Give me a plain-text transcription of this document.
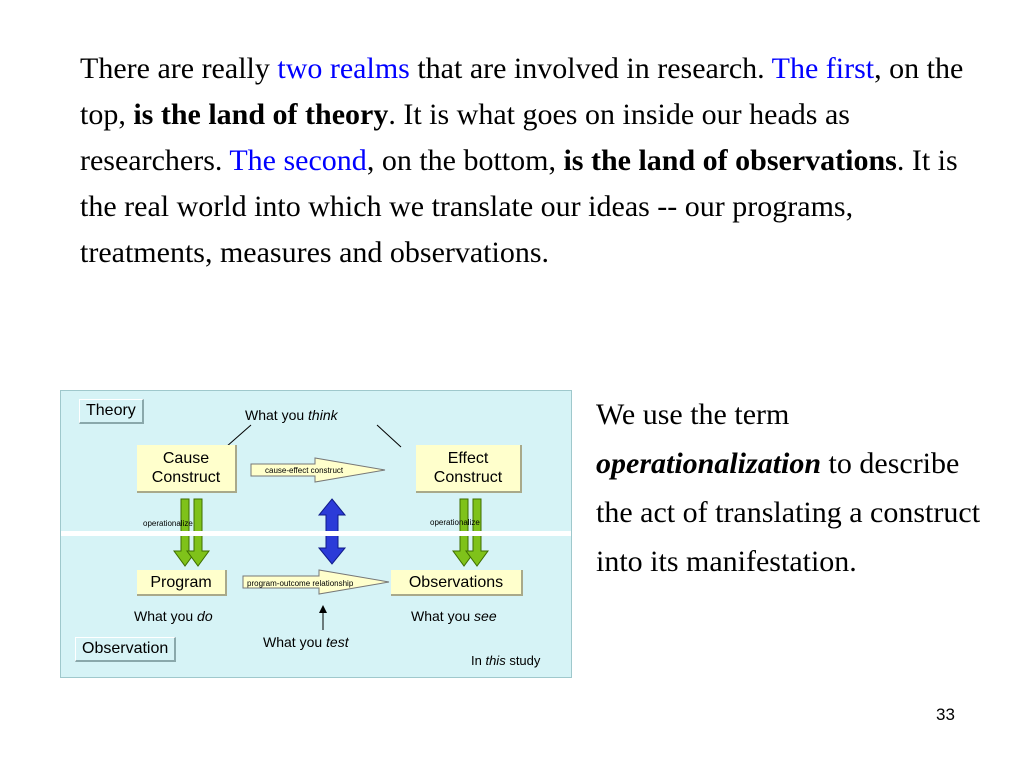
There are really two realms that are involved in research. The first, on the top, is the land of theory. It is what goes on inside our heads as researchers. The second, on the bottom, is the land of observations. It is the real world into which we translate our ideas -- our programs, treatments, measures and observations.

Theory
Observation
What you think
Cause
Construct
Effect
Construct
cause-effect construct
operationalize	operationalize
Program	Observations
program-outcome relationship
What you do	What you see
What you test
In this study

We use the term operationalization to describe the act of translating a construct into its manifestation.

33
